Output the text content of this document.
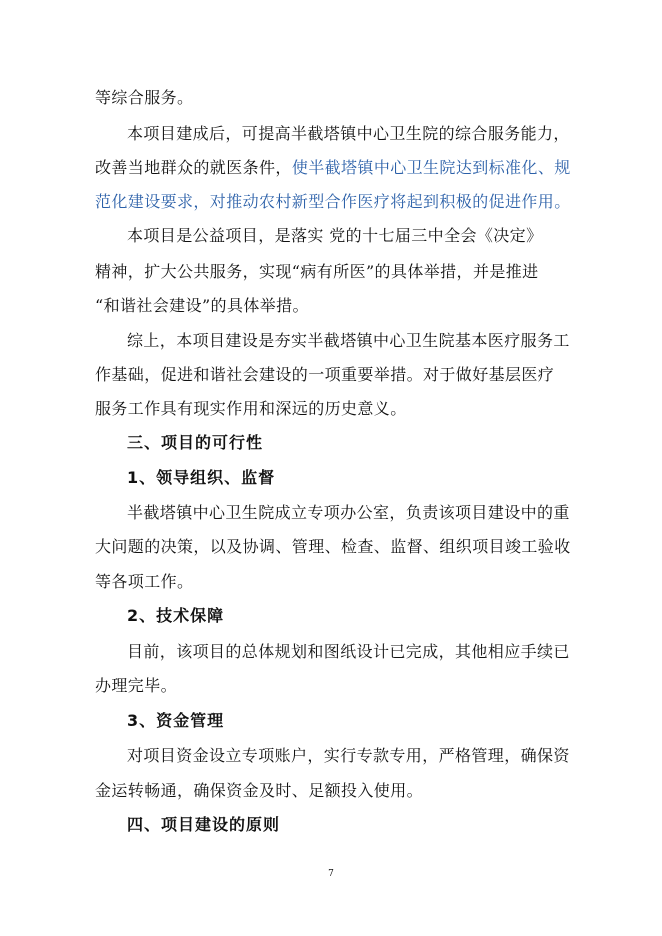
等综合服务。
本项目建成后，可提高半截塔镇中心卫生院的综合服务能力，
改善当地群众的就医条件，使半截塔镇中心卫生院达到标准化、规
范化建设要求，对推动农村新型合作医疗将起到积极的促进作用。
本项目是公益项目，是落实 党的十七届三中全会《决定》
精神，扩大公共服务，实现“病有所医”的具体举措，并是推进
“和谐社会建设”的具体举措。
综上，本项目建设是夯实半截塔镇中心卫生院基本医疗服务工
作基础，促进和谐社会建设的一项重要举措。对于做好基层医疗
服务工作具有现实作用和深远的历史意义。
三、项目的可行性
1、领导组织、监督
半截塔镇中心卫生院成立专项办公室，负责该项目建设中的重
大问题的决策，以及协调、管理、检查、监督、组织项目竣工验收
等各项工作。
2、技术保障
目前，该项目的总体规划和图纸设计已完成，其他相应手续已
办理完毕。
3、资金管理
对项目资金设立专项账户，实行专款专用，严格管理，确保资
金运转畅通，确保资金及时、足额投入使用。
四、项目建设的原则
7
